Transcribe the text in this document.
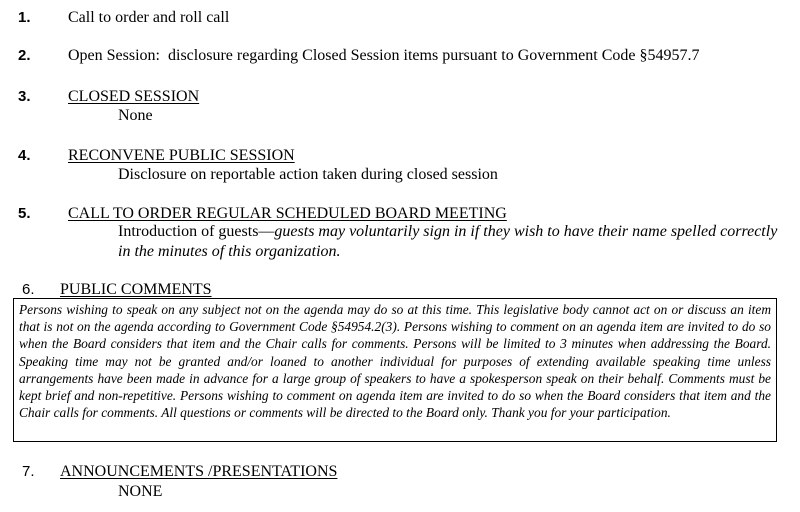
1. Call to order and roll call
2. Open Session: disclosure regarding Closed Session items pursuant to Government Code §54957.7
3. CLOSED SESSION
None
4. RECONVENE PUBLIC SESSION
Disclosure on reportable action taken during closed session
5. CALL TO ORDER REGULAR SCHEDULED BOARD MEETING
Introduction of guests—guests may voluntarily sign in if they wish to have their name spelled correctly in the minutes of this organization.
6. PUBLIC COMMENTS

Persons wishing to speak on any subject not on the agenda may do so at this time. This legislative body cannot act on or discuss an item that is not on the agenda according to Government Code §54954.2(3). Persons wishing to comment on an agenda item are invited to do so when the Board considers that item and the Chair calls for comments. Persons will be limited to 3 minutes when addressing the Board. Speaking time may not be granted and/or loaned to another individual for purposes of extending available speaking time unless arrangements have been made in advance for a large group of speakers to have a spokesperson speak on their behalf. Comments must be kept brief and non-repetitive. Persons wishing to comment on agenda item are invited to do so when the Board considers that item and the Chair calls for comments. All questions or comments will be directed to the Board only. Thank you for your participation.

7. ANNOUNCEMENTS /PRESENTATIONS
NONE
